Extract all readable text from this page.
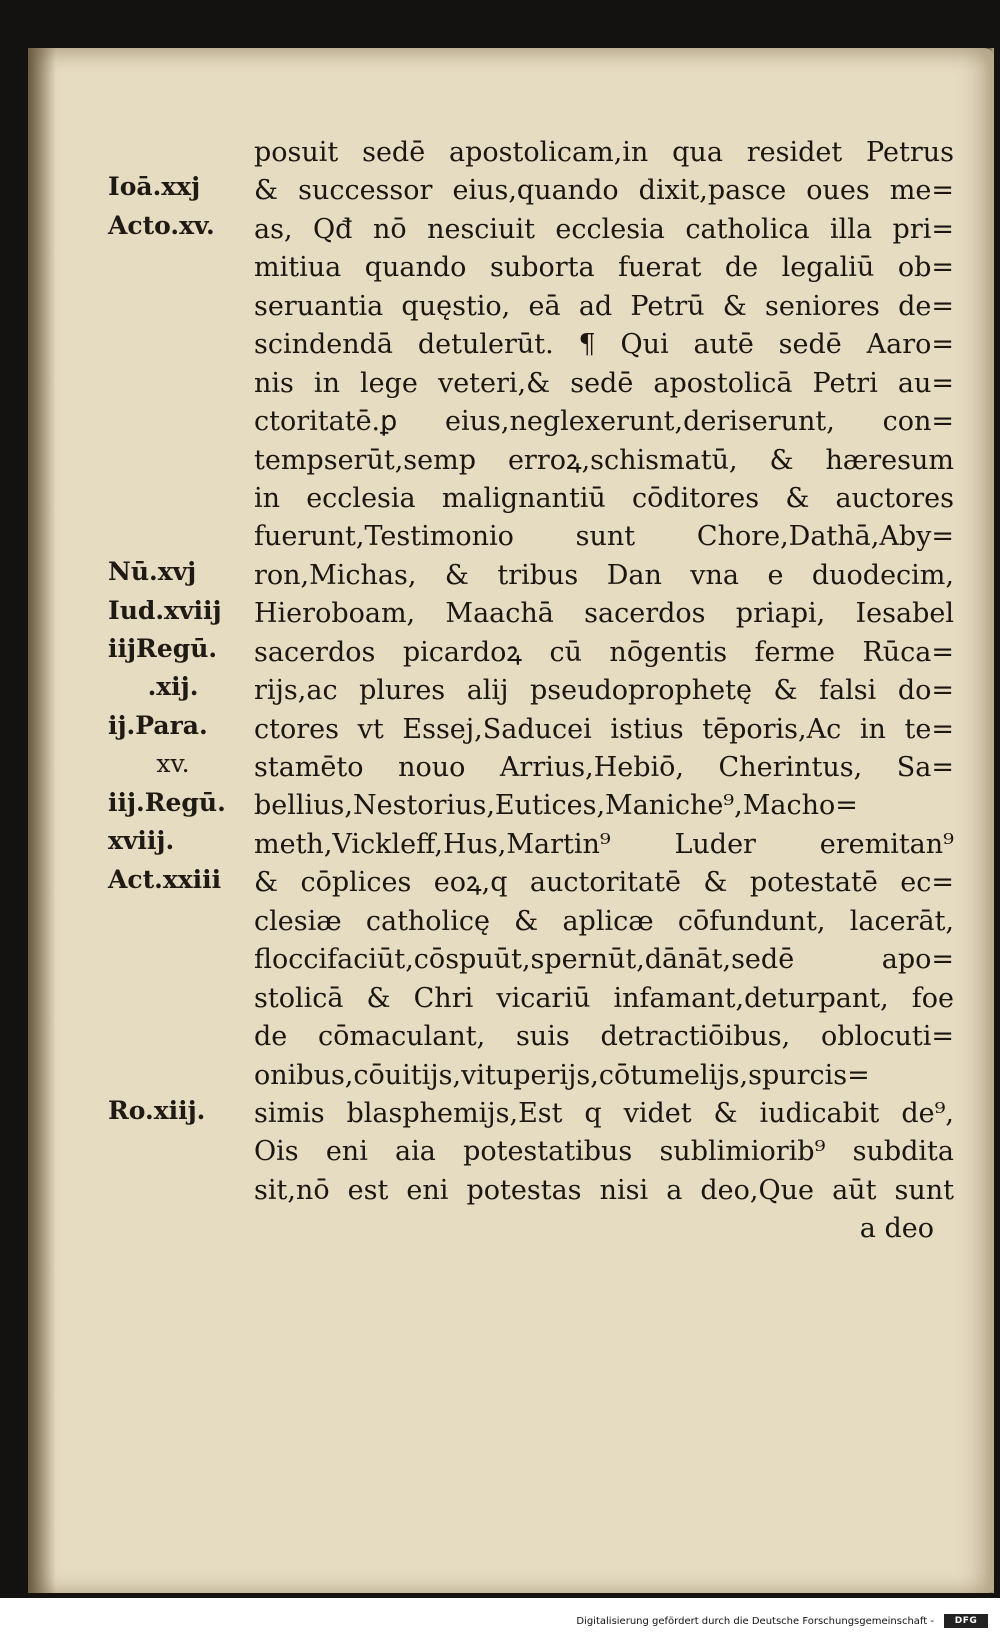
Ioā.xxj
Acto.xv.
Nū.xvj
Iud.xviij
iijRegū.
.xij.
ij.Para.
xv.
iij.Regū.
xviij.
Act.xxiii
Ro.xiij.
posuit sedē apostolicam,in qua residet Petrus
& successor eius,quando dixit,pasce oues me=
as, Qđ nō nesciuit ecclesia catholica illa pri=
mitiua quando suborta fuerat de legaliū ob=
seruantia quęstio, eā ad Petrū & seniores de=
scindendā detulerūt. ¶ Qui autē sedē Aaro=
nis in lege veteri,& sedē apostolicā Petri au=
ctoritatē.ꝑ eius,neglexerunt,deriserunt, con=
tempserūt,semp erroꝝ,schismatū, & hæresum
in ecclesia malignantiū cōditores & auctores
fuerunt,Testimonio sunt Chore,Dathā,Aby=
ron,Michas, & tribus Dan vna e duodecim,
Hieroboam, Maachā sacerdos priapi, Iesabel
sacerdos picardoꝝ cū nōgentis ferme Rūca=
rijs,ac plures alij pseudoprophetę & falsi do=
ctores vt Essej,Saducei istius tēporis,Ac in te=
stamēto nouo Arrius,Hebiō, Cherintus, Sa=
bellius,Nestorius,Eutices,Maniche⁹,Macho=
meth,Vickleff,Hus,Martin⁹ Luder eremitan⁹
& cōplices eoꝝ,q auctoritatē & potestatē ec=
clesiæ catholicę & aplicæ cōfundunt, lacerāt,
floccifaciūt,cōspuūt,spernūt,dānāt,sedē apo=
stolicā & Chri vicariū infamant,deturpant, foe
de cōmaculant, suis detractiōibus, oblocuti=
onibus,cōuitijs,vituperijs,cōtumelijs,spurcis=
simis blasphemijs,Est q videt & iudicabit de⁹,
Ois eni aia potestatibus sublimiorib⁹ subdita
sit,nō est eni potestas nisi a deo,Que aūt sunt
a deo
Digitalisierung gefördert durch die Deutsche Forschungsgemeinschaft -	DFG
